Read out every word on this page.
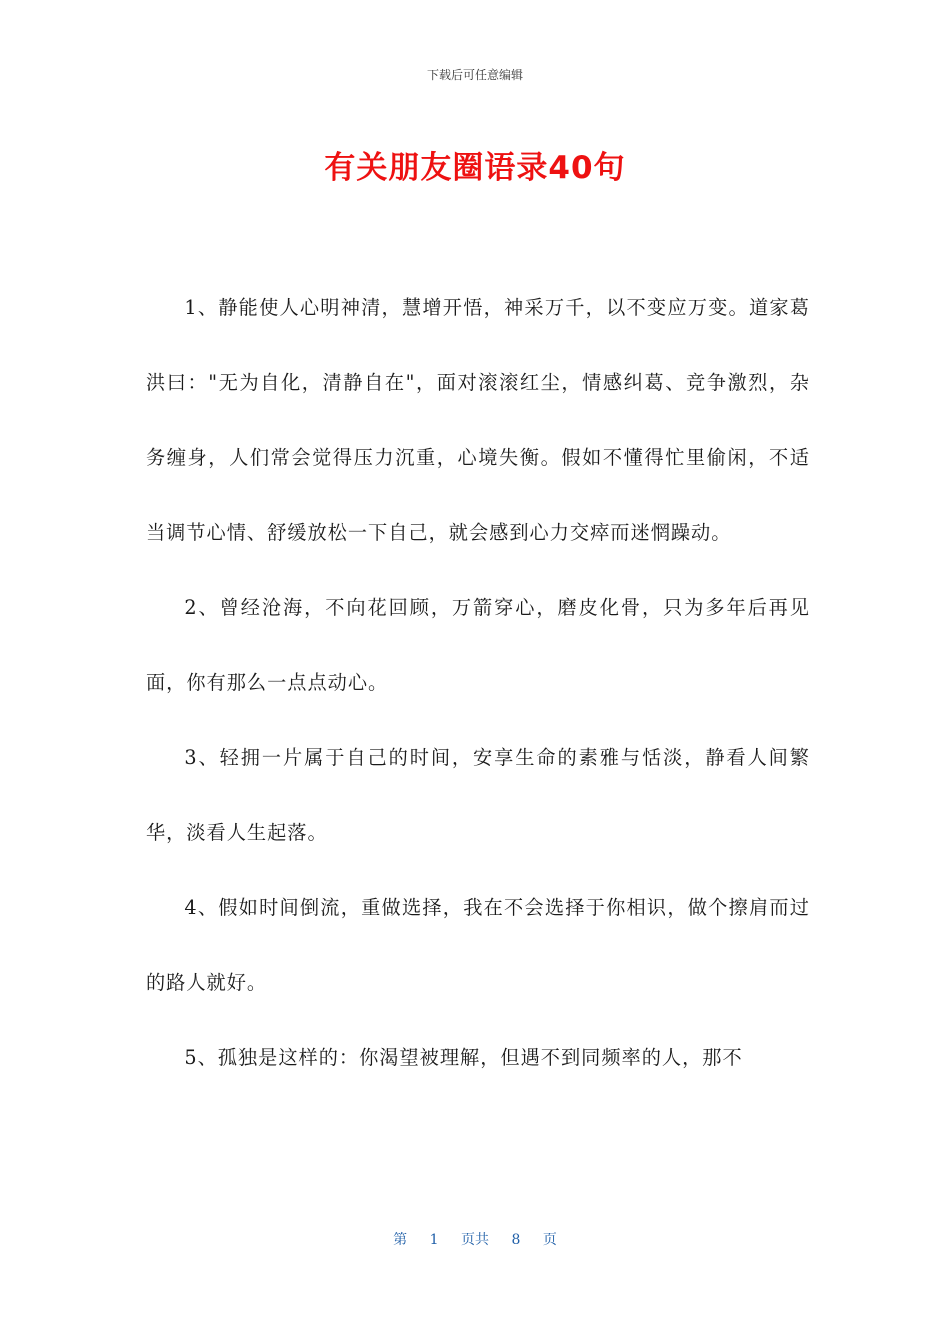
下载后可任意编辑
有关朋友圈语录40句

1、静能使人心明神清，慧增开悟，神采万千，以不变应万变。道家葛洪曰："无为自化，清静自在"，面对滚滚红尘，情感纠葛、竞争激烈，杂务缠身，人们常会觉得压力沉重，心境失衡。假如不懂得忙里偷闲，不适当调节心情、舒缓放松一下自己，就会感到心力交瘁而迷惘躁动。

2、曾经沧海，不向花回顾，万箭穿心，磨皮化骨，只为多年后再见面，你有那么一点点动心。

3、轻拥一片属于自己的时间，安享生命的素雅与恬淡，静看人间繁华，淡看人生起落。

4、假如时间倒流，重做选择，我在不会选择于你相识，做个擦肩而过的路人就好。

5、孤独是这样的：你渴望被理解，但遇不到同频率的人，那不

第 1 页共 8 页
